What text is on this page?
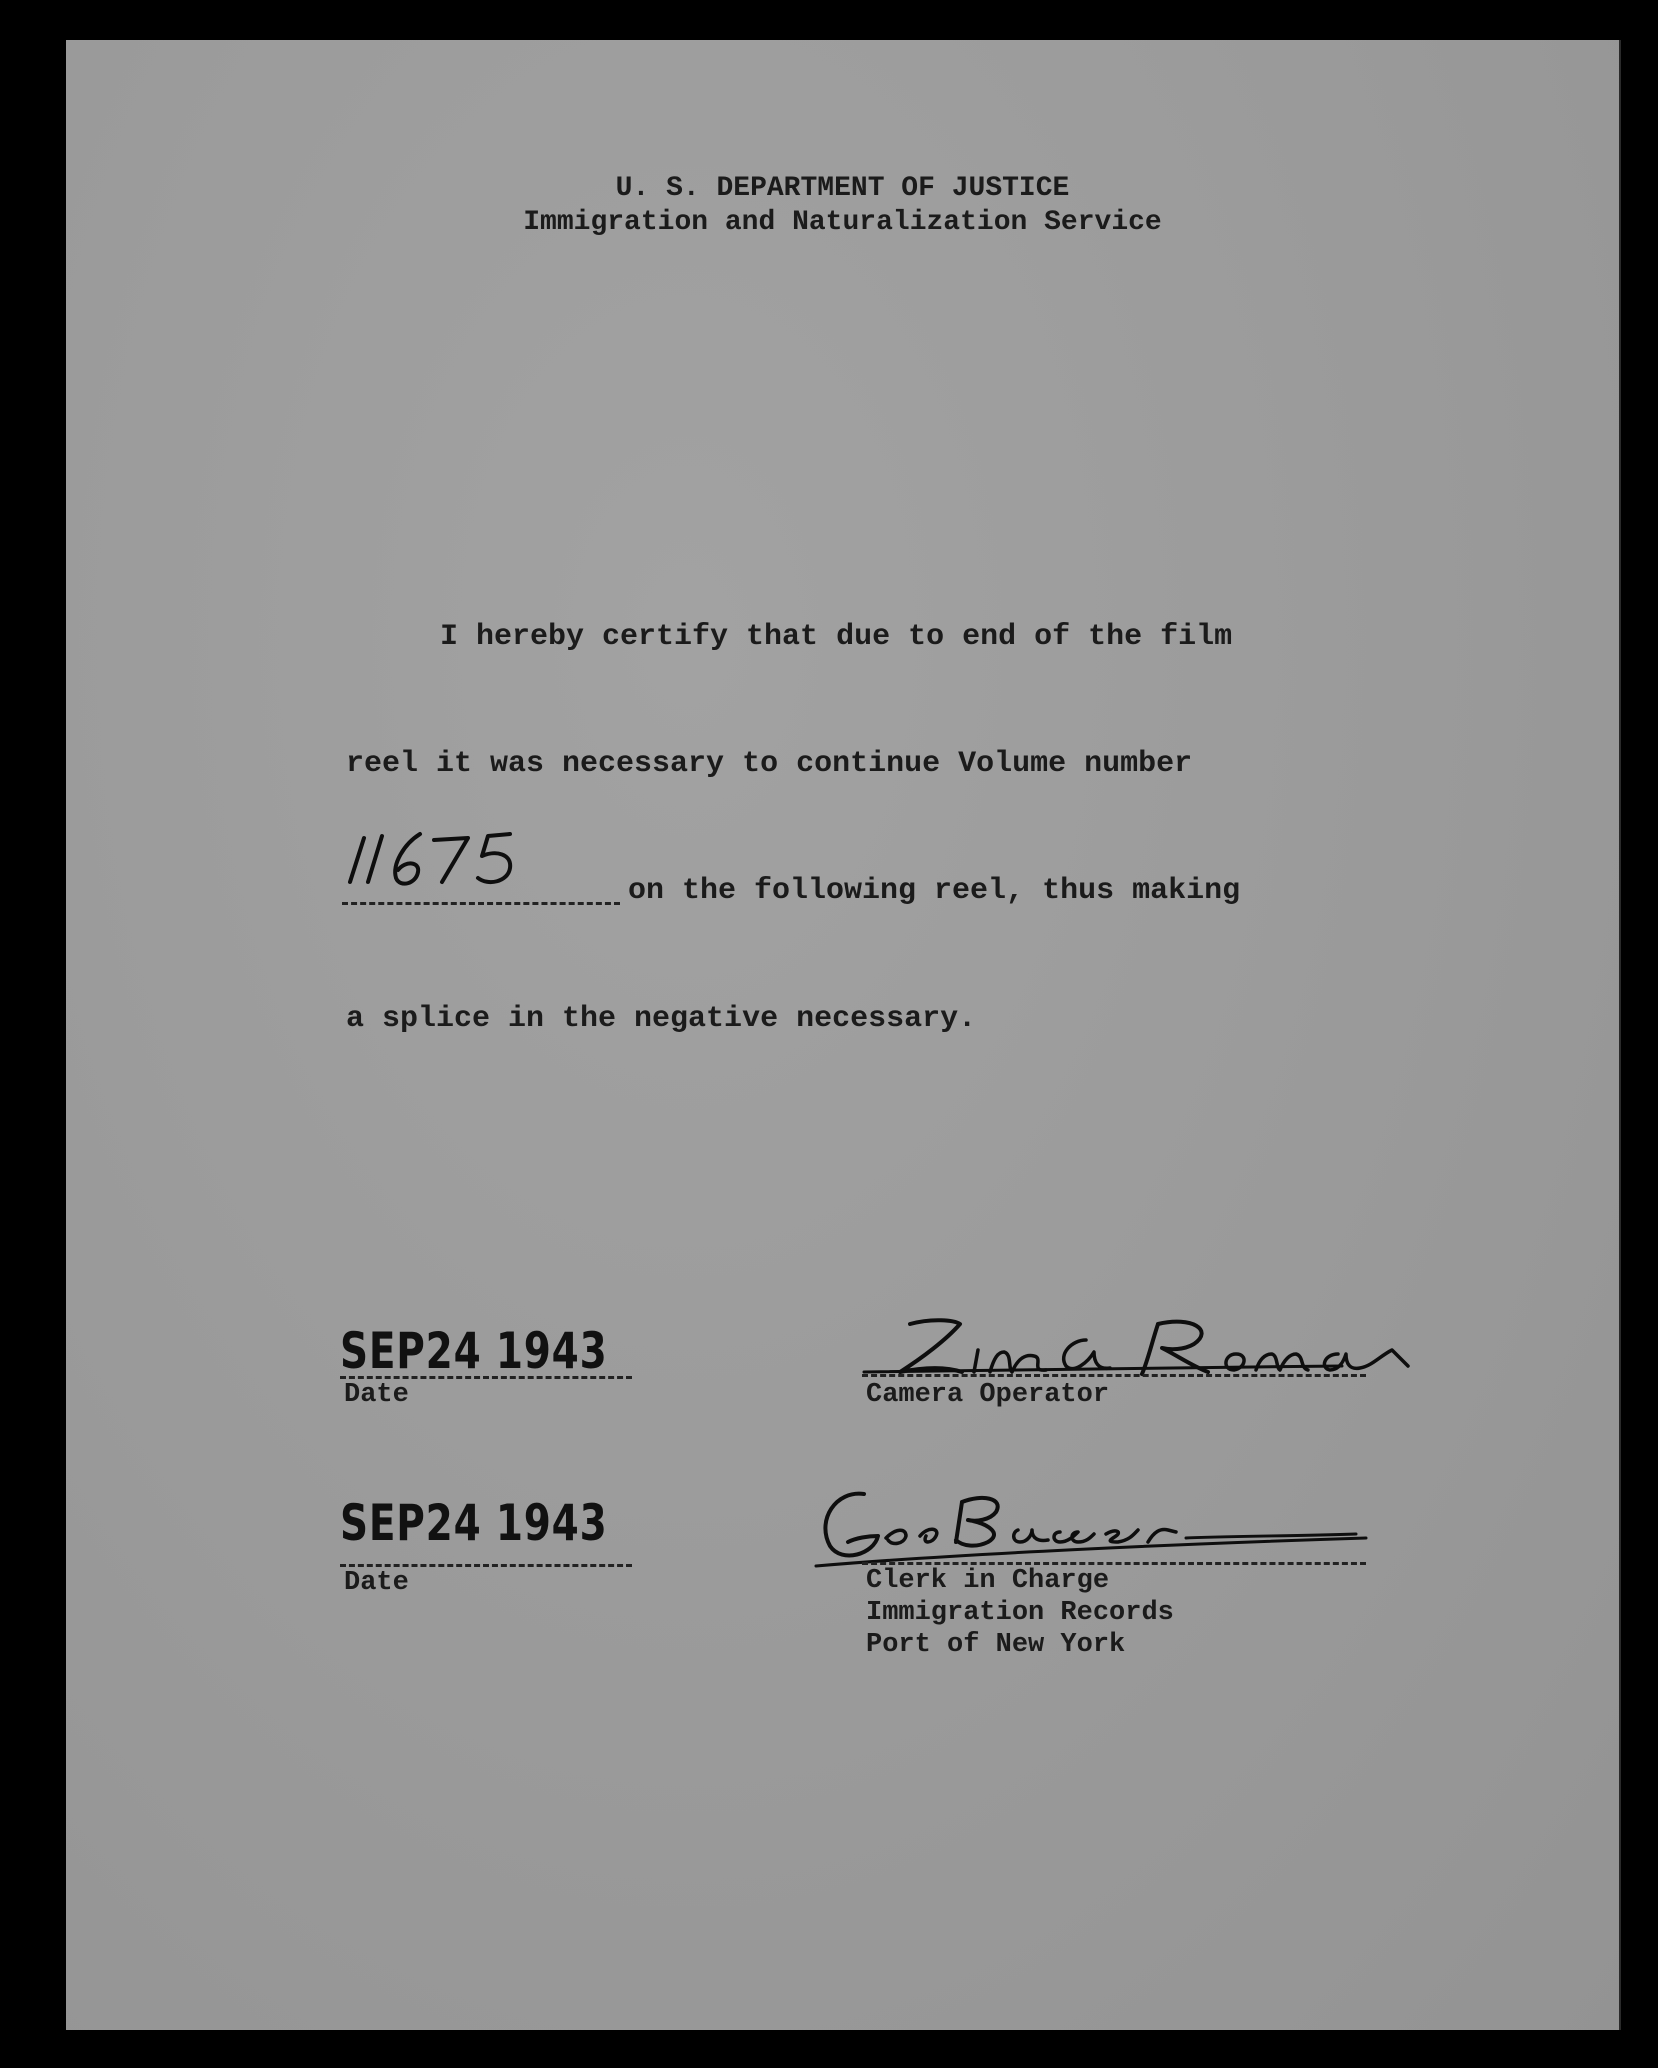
U. S. DEPARTMENT OF JUSTICE
Immigration and Naturalization Service
I hereby certify that due to end of the film
reel it was necessary to continue Volume number
on the following reel, thus making
a splice in the negative necessary.
SEP24 1943
Date	Camera Operator
SEP24 1943
Date	Clerk in Charge
Immigration Records
Port of New York
